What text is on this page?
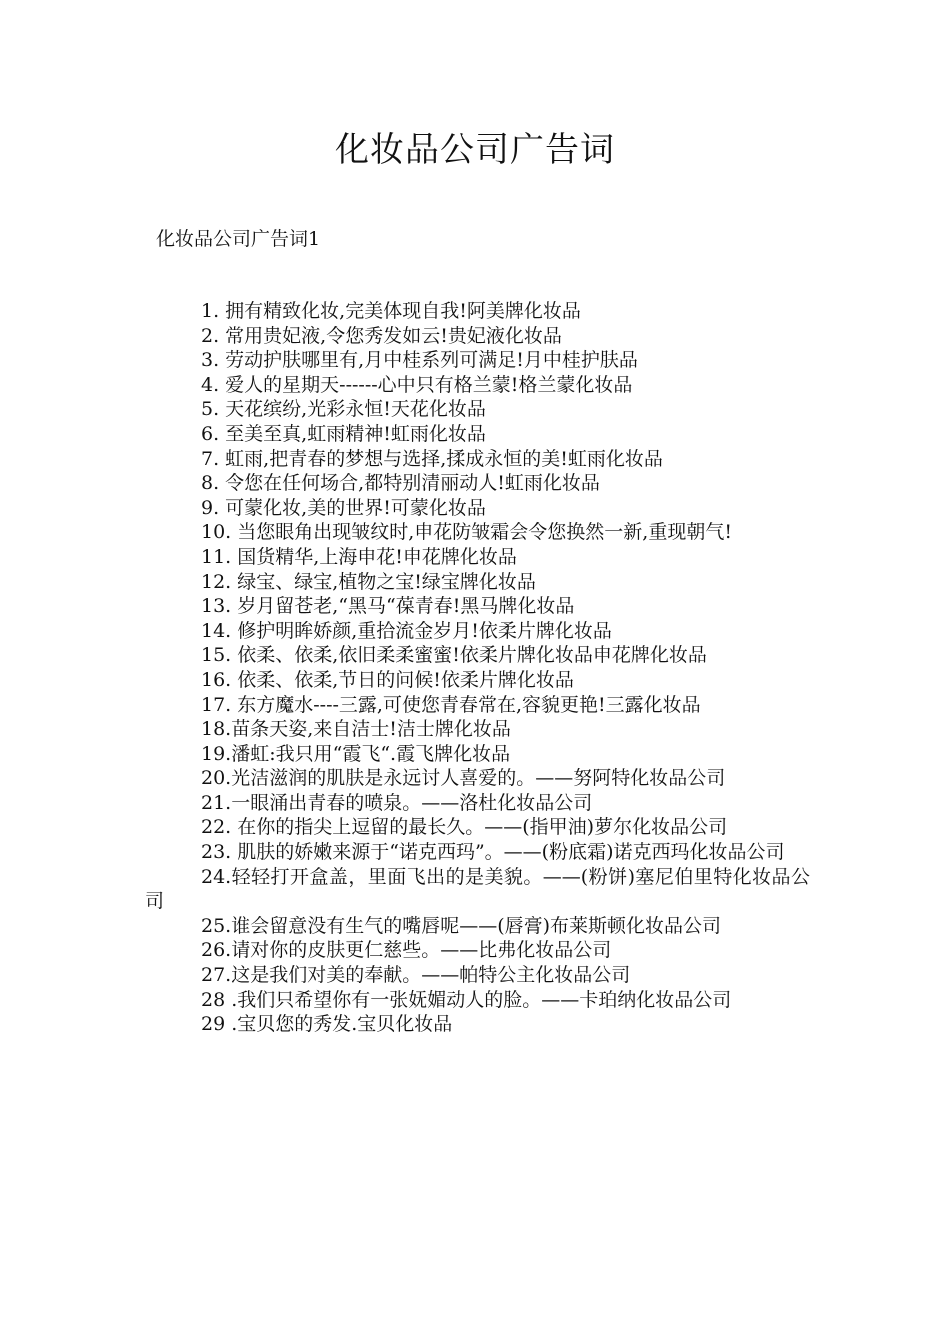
化妆品公司广告词
化妆品公司广告词1
1. 拥有精致化妆,完美体现自我!阿美牌化妆品
2. 常用贵妃液,令您秀发如云!贵妃液化妆品
3. 劳动护肤哪里有,月中桂系列可满足!月中桂护肤品
4. 爱人的星期天------心中只有格兰蒙!格兰蒙化妆品
5. 天花缤纷,光彩永恒!天花化妆品
6. 至美至真,虹雨精神!虹雨化妆品
7. 虹雨,把青春的梦想与选择,揉成永恒的美!虹雨化妆品
8. 令您在任何场合,都特别清丽动人!虹雨化妆品
9. 可蒙化妆,美的世界!可蒙化妆品
10. 当您眼角出现皱纹时,申花防皱霜会令您换然一新,重现朝气!
11. 国货精华,上海申花!申花牌化妆品
12. 绿宝、绿宝,植物之宝!绿宝牌化妆品
13. 岁月留苍老,“黑马“葆青春!黑马牌化妆品
14. 修护明眸娇颜,重拾流金岁月!依柔片牌化妆品
15. 依柔、依柔,依旧柔柔蜜蜜!依柔片牌化妆品申花牌化妆品
16. 依柔、依柔,节日的问候!依柔片牌化妆品
17. 东方魔水----三露,可使您青春常在,容貌更艳!三露化妆品
18.苗条天姿,来自洁士!洁士牌化妆品
19.潘虹:我只用“霞飞“.霞飞牌化妆品
20.光洁滋润的肌肤是永远讨人喜爱的。——努阿特化妆品公司
21.一眼涌出青春的喷泉。——洛杜化妆品公司
22. 在你的指尖上逗留的最长久。——(指甲油)萝尔化妆品公司
23. 肌肤的娇嫩来源于“诺克西玛”。——(粉底霜)诺克西玛化妆品公司
24.轻轻打开盒盖，里面飞出的是美貌。——(粉饼)塞尼伯里特化妆品公司
25.谁会留意没有生气的嘴唇呢——(唇膏)布莱斯顿化妆品公司
26.请对你的皮肤更仁慈些。——比弗化妆品公司
27.这是我们对美的奉献。——帕特公主化妆品公司
28 .我们只希望你有一张妩媚动人的脸。——卡珀纳化妆品公司
29 .宝贝您的秀发.宝贝化妆品
